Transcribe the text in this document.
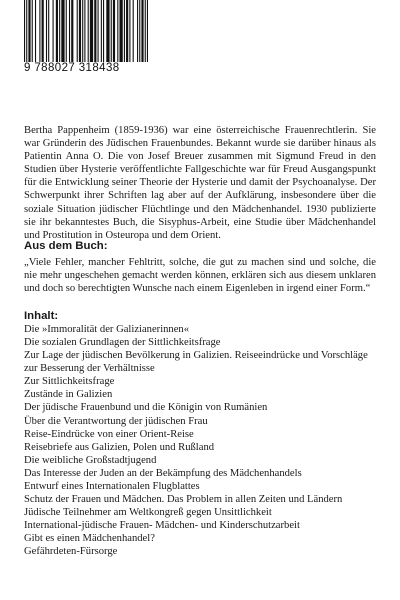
9 788027 318438

Bertha Pappenheim (1859-1936) war eine österreichische Frauenrechtlerin. Sie war Gründerin des Jüdischen Frauenbundes. Bekannt wurde sie darüber hinaus als Patientin Anna O. Die von Josef Breuer zusammen mit Sigmund Freud in den Studien über Hysterie veröffentlichte Fallgeschichte war für Freud Ausgangspunkt für die Entwicklung seiner Theorie der Hysterie und damit der Psychoanalyse. Der Schwerpunkt ihrer Schriften lag aber auf der Aufklärung, insbesondere über die soziale Situation jüdischer Flüchtlinge und den Mädchenhandel. 1930 publizierte sie ihr bekanntestes Buch, die Sisyphus-Arbeit, eine Studie über Mädchenhandel und Prostitution in Osteuropa und dem Orient.

Aus dem Buch:

„Viele Fehler, mancher Fehltritt, solche, die gut zu machen sind und solche, die nie mehr ungeschehen gemacht werden können, erklären sich aus diesem unklaren und doch so berechtigten Wunsche nach einem Eigenleben in irgend einer Form.“

Inhalt:
Die »Immoralität der Galizianerinnen«
Die sozialen Grundlagen der Sittlichkeitsfrage
Zur Lage der jüdischen Bevölkerung in Galizien. Reiseeindrücke und Vorschläge zur Besserung der Verhältnisse
Zur Sittlichkeitsfrage
Zustände in Galizien
Der jüdische Frauenbund und die Königin von Rumänien
Über die Verantwortung der jüdischen Frau
Reise-Eindrücke von einer Orient-Reise
Reisebriefe aus Galizien, Polen und Rußland
Die weibliche Großstadtjugend
Das Interesse der Juden an der Bekämpfung des Mädchenhandels
Entwurf eines Internationalen Flugblattes
Schutz der Frauen und Mädchen. Das Problem in allen Zeiten und Ländern
Jüdische Teilnehmer am Weltkongreß gegen Unsittlichkeit
International-jüdische Frauen- Mädchen- und Kinderschutzarbeit
Gibt es einen Mädchenhandel?
Gefährdeten-Fürsorge
